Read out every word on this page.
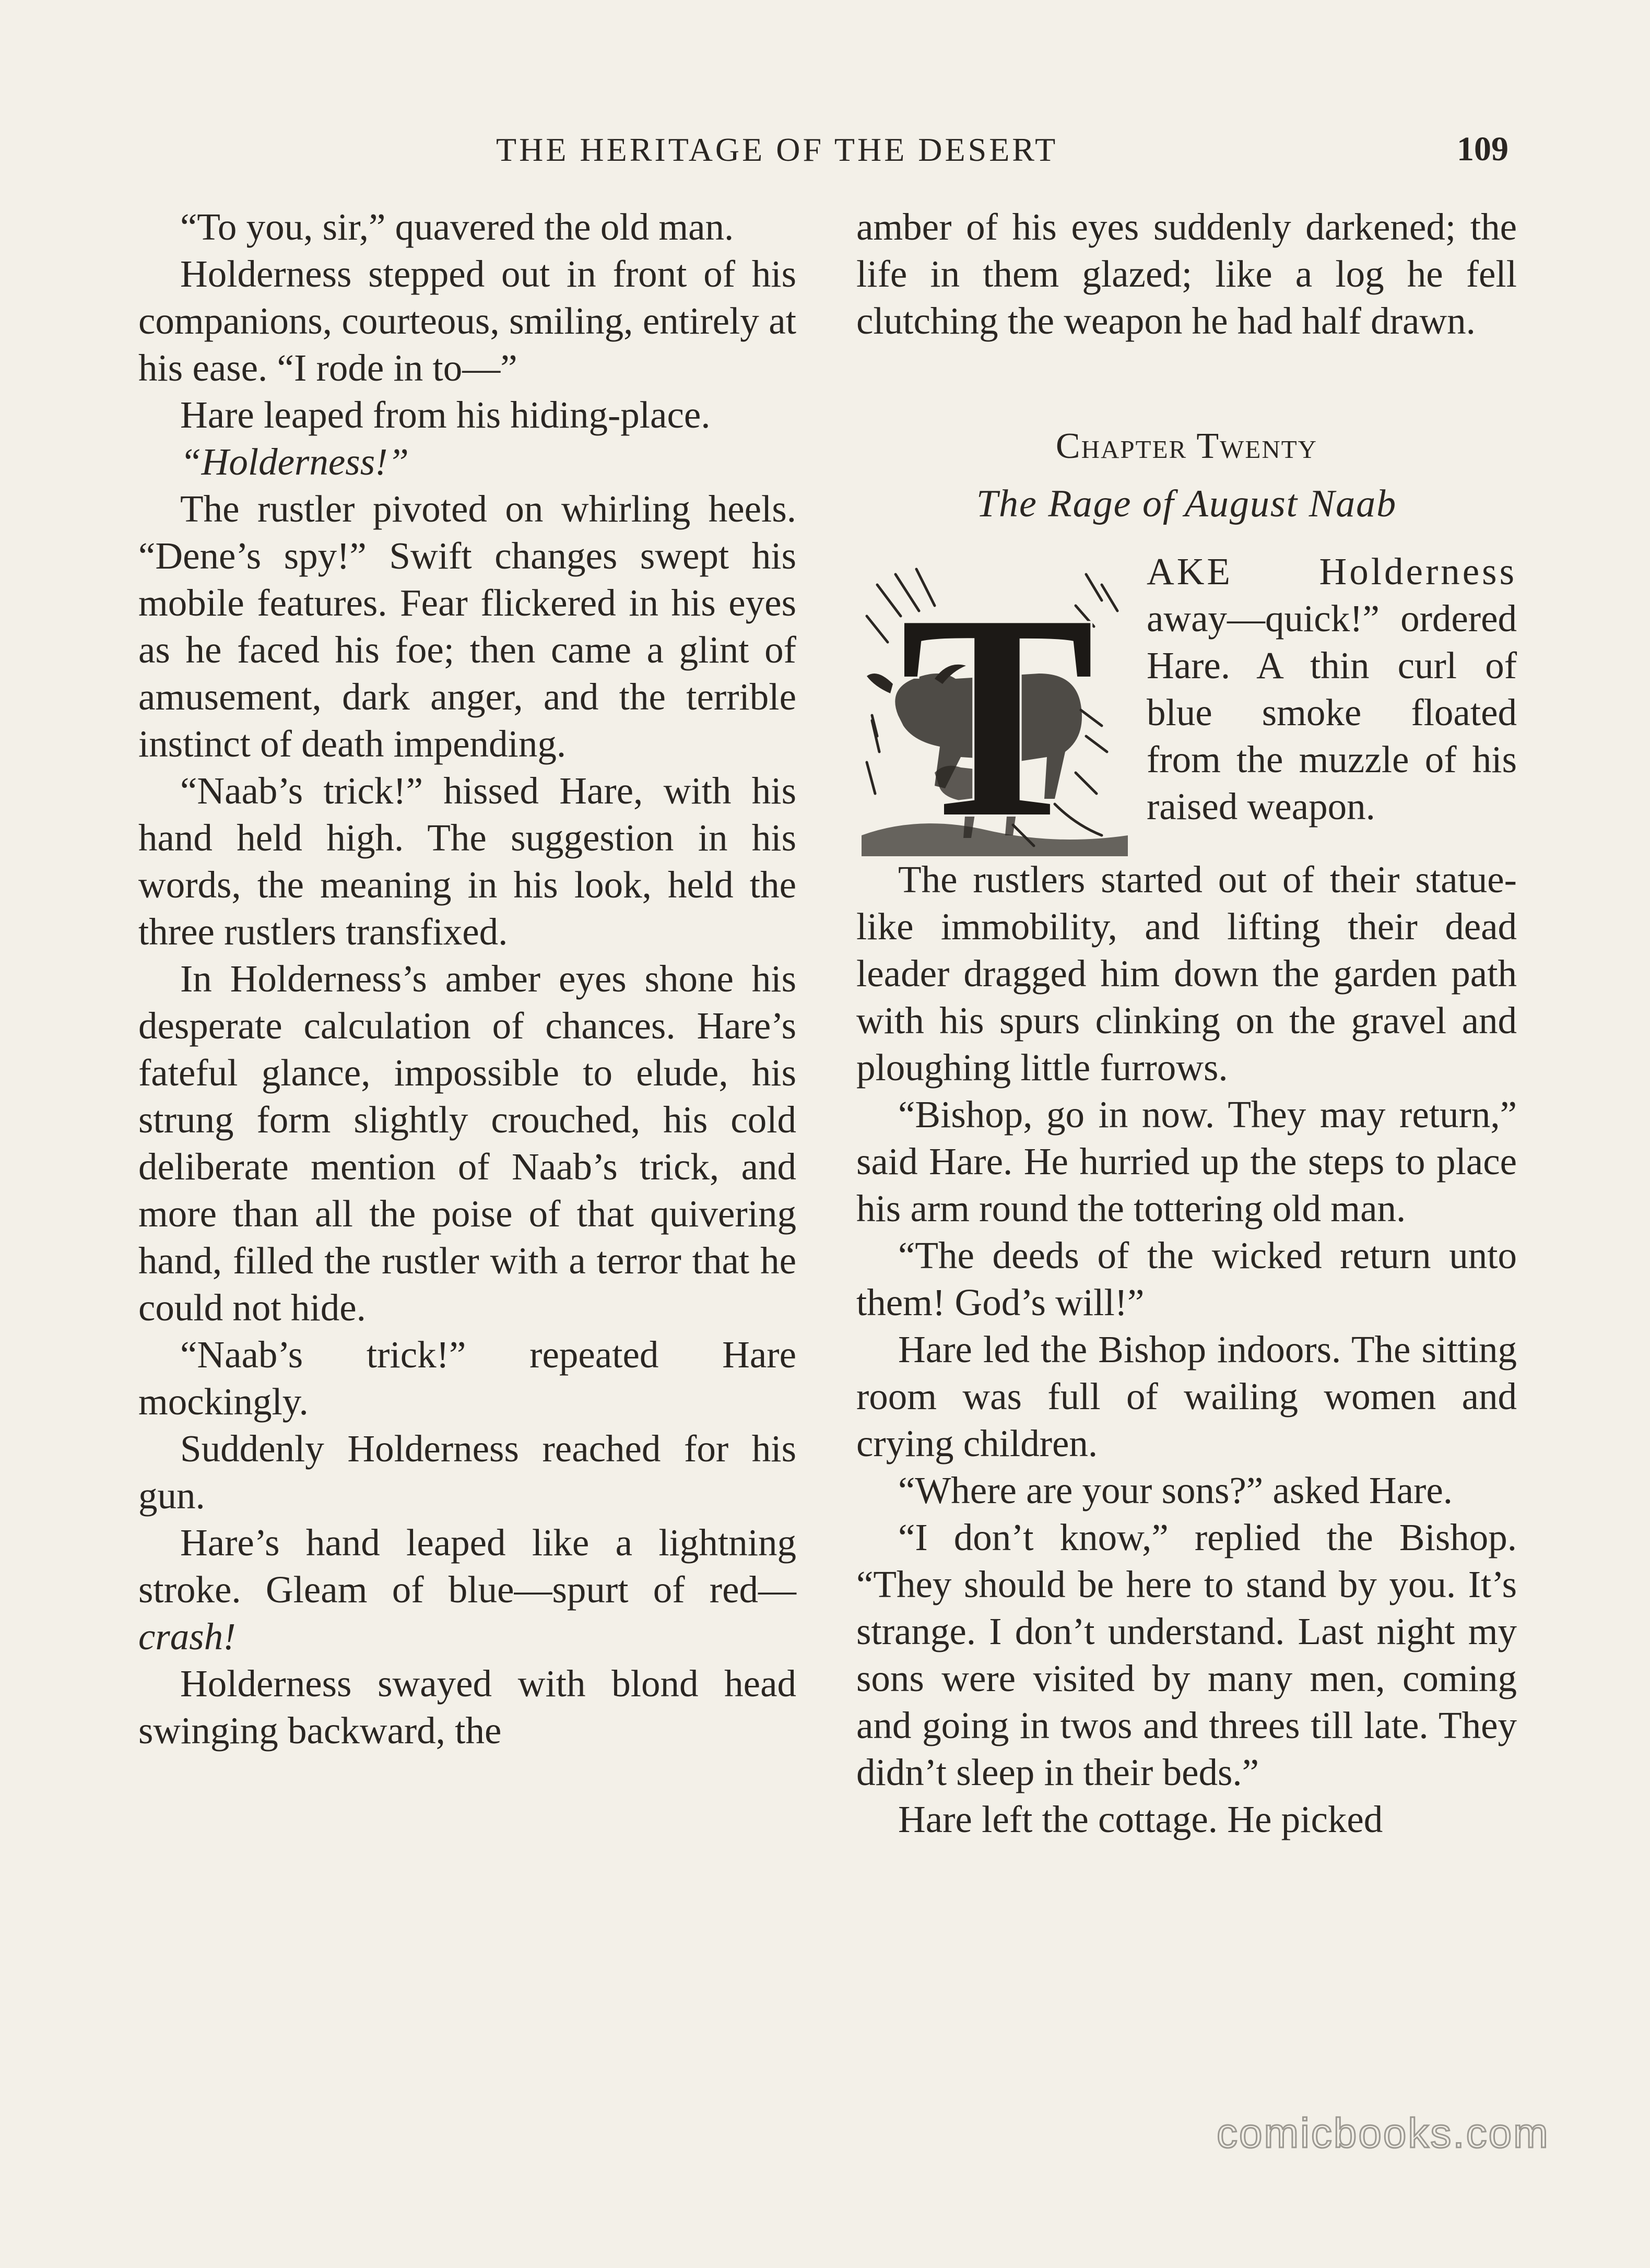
THE HERITAGE OF THE DESERT	109

“To you, sir,” quavered the old man.

Holderness stepped out in front of his companions, courteous, smiling, entirely at his ease. “I rode in to—”

Hare leaped from his hiding-place.

“Holderness!”

The rustler pivoted on whirling heels. “Dene’s spy!” Swift changes swept his mobile features. Fear flickered in his eyes as he faced his foe; then came a glint of amusement, dark anger, and the terrible instinct of death impending.

“Naab’s trick!” hissed Hare, with his hand held high. The suggestion in his words, the meaning in his look, held the three rustlers transfixed.

In Holderness’s amber eyes shone his desperate calculation of chances. Hare’s fateful glance, impossible to elude, his strung form slightly crouched, his cold deliberate mention of Naab’s trick, and more than all the poise of that quivering hand, filled the rustler with a terror that he could not hide.

“Naab’s trick!” repeated Hare mockingly.

Suddenly Holderness reached for his gun.

Hare’s hand leaped like a lightning stroke. Gleam of blue—spurt of red—crash!

Holderness swayed with blond head swinging backward, the

amber of his eyes suddenly darkened; the life in them glazed; like a log he fell clutching the weapon he had half drawn.

Chapter Twenty
The Rage of August Naab
T	AKE Holderness away—quick!” ordered Hare. A thin curl of blue smoke floated from the muzzle of his raised weapon.

The rustlers started out of their statue-like immobility, and lifting their dead leader dragged him down the garden path with his spurs clinking on the gravel and ploughing little furrows.

“Bishop, go in now. They may return,” said Hare. He hurried up the steps to place his arm round the tottering old man.

“The deeds of the wicked return unto them! God’s will!”

Hare led the Bishop indoors. The sitting room was full of wailing women and crying children.

“Where are your sons?” asked Hare.

“I don’t know,” replied the Bishop. “They should be here to stand by you. It’s strange. I don’t understand. Last night my sons were visited by many men, coming and going in twos and threes till late. They didn’t sleep in their beds.”

Hare left the cottage. He picked

comicbooks.com
